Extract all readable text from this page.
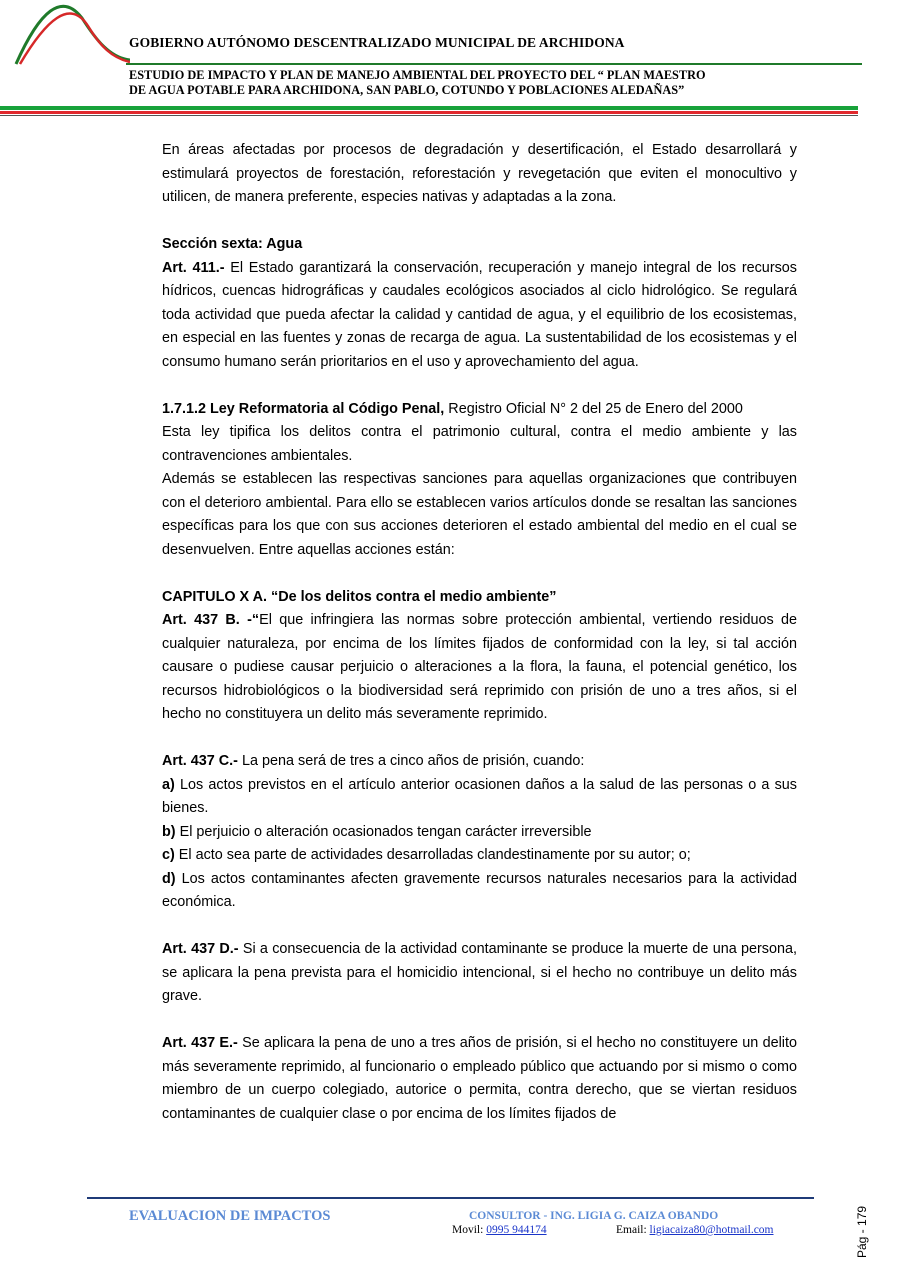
GOBIERNO AUTÓNOMO DESCENTRALIZADO MUNICIPAL DE ARCHIDONA
ESTUDIO DE IMPACTO Y PLAN DE MANEJO AMBIENTAL DEL PROYECTO DEL “ PLAN MAESTRO
DE AGUA POTABLE PARA ARCHIDONA, SAN PABLO, COTUNDO Y POBLACIONES ALEDAÑAS”

En áreas afectadas por procesos de degradación y desertificación, el Estado desarrollará y estimulará proyectos de forestación, reforestación y revegetación que eviten el monocultivo y utilicen, de manera preferente, especies nativas y adaptadas a la zona.

Sección sexta: Agua

Art. 411.- El Estado garantizará la conservación, recuperación y manejo integral de los recursos hídricos, cuencas hidrográficas y caudales ecológicos asociados al ciclo hidrológico. Se regulará toda actividad que pueda afectar la calidad y cantidad de agua, y el equilibrio de los ecosistemas, en especial en las fuentes y zonas de recarga de agua. La sustentabilidad de los ecosistemas y el consumo humano serán prioritarios en el uso y aprovechamiento del agua.

1.7.1.2 Ley Reformatoria al Código Penal, Registro Oficial N° 2 del 25 de Enero del 2000

Esta ley tipifica los delitos contra el patrimonio cultural, contra el medio ambiente y las contravenciones ambientales.

Además se establecen las respectivas sanciones para aquellas organizaciones que contribuyen con el deterioro ambiental. Para ello se establecen varios artículos donde se resaltan las sanciones específicas para los que con sus acciones deterioren el estado ambiental del medio en el cual se desenvuelven. Entre aquellas acciones están:

CAPITULO X A. “De los delitos contra el medio ambiente”

Art. 437 B. -“El que infringiera las normas sobre protección ambiental, vertiendo residuos de cualquier naturaleza, por encima de los límites fijados de conformidad con la ley, si tal acción causare o pudiese causar perjuicio o alteraciones a la flora, la fauna, el potencial genético, los recursos hidrobiológicos o la biodiversidad será reprimido con prisión de uno a tres años, si el hecho no constituyera un delito más severamente reprimido.

Art. 437 C.- La pena será de tres a cinco años de prisión, cuando:

a) Los actos previstos en el artículo anterior ocasionen daños a la salud de las personas o a sus bienes.

b) El perjuicio o alteración ocasionados tengan carácter irreversible

c) El acto sea parte de actividades desarrolladas clandestinamente por su autor; o;

d) Los actos contaminantes afecten gravemente recursos naturales necesarios para la actividad económica.

Art. 437 D.- Si a consecuencia de la actividad contaminante se produce la muerte de una persona, se aplicara la pena prevista para el homicidio intencional, si el hecho no contribuye un delito más grave.

Art. 437 E.- Se aplicara la pena de uno a tres años de prisión, si el hecho no constituyere un delito más severamente reprimido, al funcionario o empleado público que actuando por si mismo o como miembro de un cuerpo colegiado, autorice o permita, contra derecho, que se viertan residuos contaminantes de cualquier clase o por encima de los límites fijados de

EVALUACION DE IMPACTOS	CONSULTOR - ING. LIGIA G. CAIZA OBANDO
Movil: 0995 944174	Email: ligiacaiza80@hotmail.com	Pág - 179
